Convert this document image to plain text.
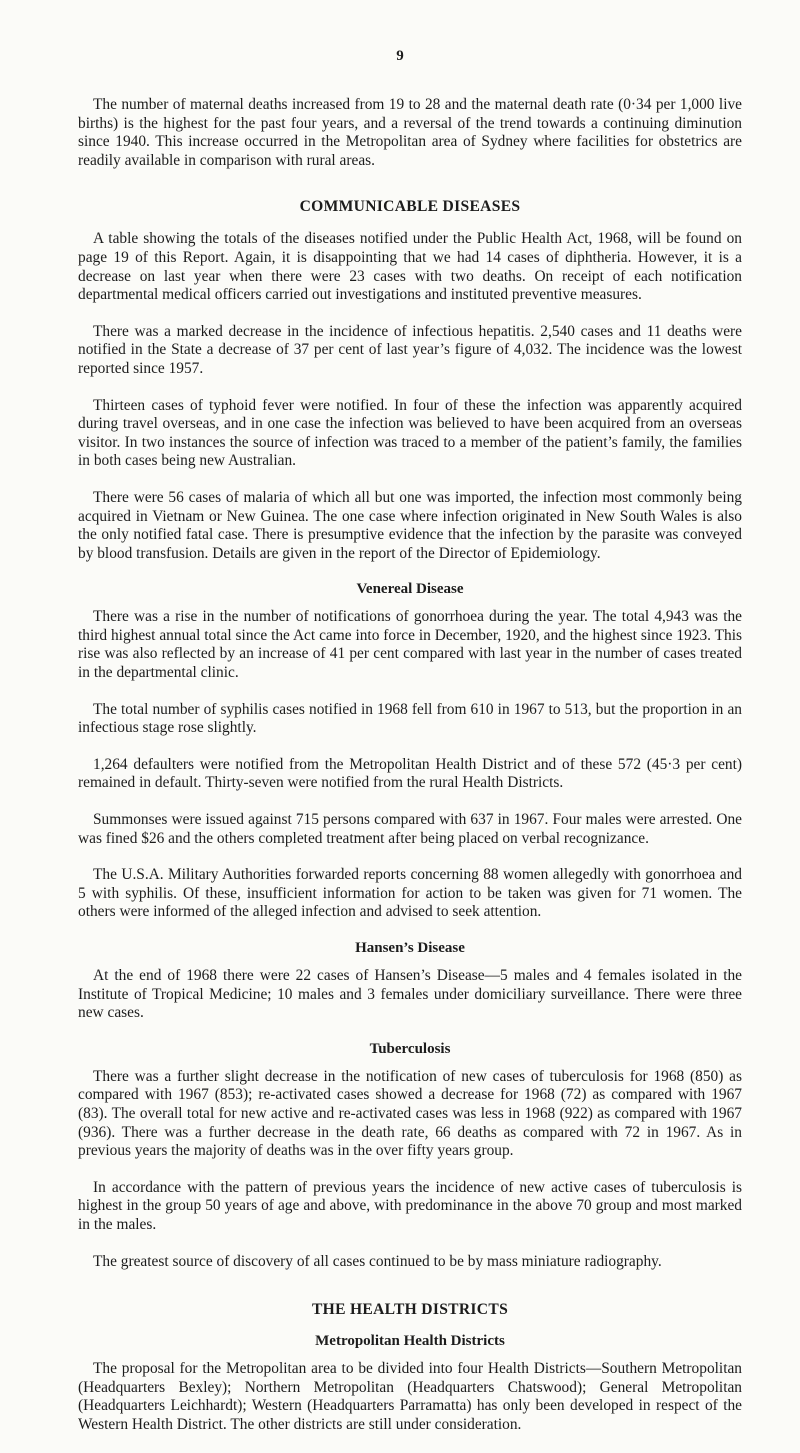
9

The number of maternal deaths increased from 19 to 28 and the maternal death rate (0·34 per 1,000 live births) is the highest for the past four years, and a reversal of the trend towards a continuing diminution since 1940. This increase occurred in the Metropolitan area of Sydney where facilities for obstetrics are readily available in comparison with rural areas.

COMMUNICABLE DISEASES

A table showing the totals of the diseases notified under the Public Health Act, 1968, will be found on page 19 of this Report. Again, it is disappointing that we had 14 cases of diphtheria. However, it is a decrease on last year when there were 23 cases with two deaths. On receipt of each notification departmental medical officers carried out investigations and instituted preventive measures.

There was a marked decrease in the incidence of infectious hepatitis. 2,540 cases and 11 deaths were notified in the State a decrease of 37 per cent of last year’s figure of 4,032. The incidence was the lowest reported since 1957.

Thirteen cases of typhoid fever were notified. In four of these the infection was apparently acquired during travel overseas, and in one case the infection was believed to have been acquired from an overseas visitor. In two instances the source of infection was traced to a member of the patient’s family, the families in both cases being new Australian.

There were 56 cases of malaria of which all but one was imported, the infection most commonly being acquired in Vietnam or New Guinea. The one case where infection originated in New South Wales is also the only notified fatal case. There is presumptive evidence that the infection by the parasite was conveyed by blood transfusion. Details are given in the report of the Director of Epidemiology.

Venereal Disease

There was a rise in the number of notifications of gonorrhoea during the year. The total 4,943 was the third highest annual total since the Act came into force in December, 1920, and the highest since 1923. This rise was also reflected by an increase of 41 per cent compared with last year in the number of cases treated in the departmental clinic.

The total number of syphilis cases notified in 1968 fell from 610 in 1967 to 513, but the proportion in an infectious stage rose slightly.

1,264 defaulters were notified from the Metropolitan Health District and of these 572 (45·3 per cent) remained in default. Thirty-seven were notified from the rural Health Districts.

Summonses were issued against 715 persons compared with 637 in 1967. Four males were arrested. One was fined $26 and the others completed treatment after being placed on verbal recognizance.

The U.S.A. Military Authorities forwarded reports concerning 88 women allegedly with gonorrhoea and 5 with syphilis. Of these, insufficient information for action to be taken was given for 71 women. The others were informed of the alleged infection and advised to seek attention.

Hansen’s Disease

At the end of 1968 there were 22 cases of Hansen’s Disease—5 males and 4 females isolated in the Institute of Tropical Medicine; 10 males and 3 females under domiciliary surveillance. There were three new cases.

Tuberculosis

There was a further slight decrease in the notification of new cases of tuberculosis for 1968 (850) as compared with 1967 (853); re-activated cases showed a decrease for 1968 (72) as compared with 1967 (83). The overall total for new active and re-activated cases was less in 1968 (922) as compared with 1967 (936). There was a further decrease in the death rate, 66 deaths as compared with 72 in 1967. As in previous years the majority of deaths was in the over fifty years group.

In accordance with the pattern of previous years the incidence of new active cases of tuberculosis is highest in the group 50 years of age and above, with predominance in the above 70 group and most marked in the males.

The greatest source of discovery of all cases continued to be by mass miniature radiography.

THE HEALTH DISTRICTS
Metropolitan Health Districts

The proposal for the Metropolitan area to be divided into four Health Districts—Southern Metropolitan (Headquarters Bexley); Northern Metropolitan (Headquarters Chatswood); General Metropolitan (Headquarters Leichhardt); Western (Headquarters Parramatta) has only been developed in respect of the Western Health District. The other districts are still under consideration.
